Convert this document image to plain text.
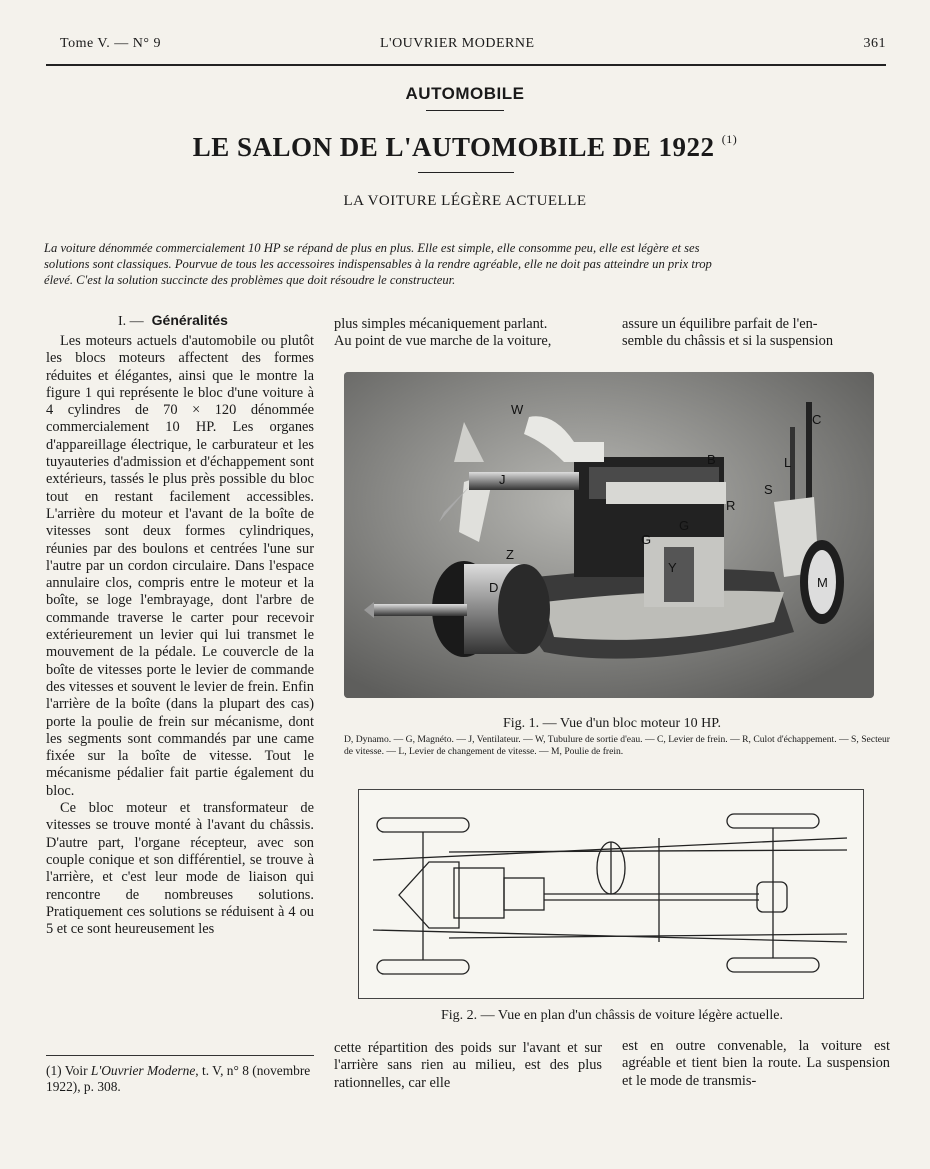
Tome V. — N° 9	L'OUVRIER MODERNE	361
AUTOMOBILE
LE SALON DE L'AUTOMOBILE DE 1922 $^{(1)}$
LA VOITURE LÉGÈRE ACTUELLE
La voiture dénommée commercialement 10 HP se répand de plus en plus. Elle est simple, elle consomme peu, elle est légère et ses
solutions sont classiques. Pourvue de tous les accessoires indispensables à la rendre agréable, elle ne doit pas atteindre un prix trop
élevé. C'est la solution succincte des problèmes que doit résoudre le constructeur.
I. — Généralités

Les moteurs actuels d'automobile ou plutôt les blocs moteurs affectent des formes réduites et élégantes, ainsi que le montre la figure 1 qui représente le bloc d'une voiture à 4 cylindres de 70 × 120 dénommée commercialement 10 HP. Les organes d'appareillage électrique, le carburateur et les tuyauteries d'admission et d'échappement sont extérieurs, tassés le plus près possible du bloc tout en restant facilement accessibles. L'arrière du moteur et l'avant de la boîte de vitesses sont deux formes cylindriques, réunies par des boulons et centrées l'une sur l'autre par un cordon circulaire. Dans l'espace annulaire clos, compris entre le moteur et la boîte, se loge l'embrayage, dont l'arbre de commande traverse le carter pour recevoir extérieurement un levier qui lui transmet le mouvement de la pédale. Le couvercle de la boîte de vitesses porte le levier de commande des vitesses et souvent le levier de frein. Enfin l'arrière de la boîte (dans la plupart des cas) porte la poulie de frein sur mécanisme, dont les segments sont commandés par une came fixée sur la boîte de vitesse. Tout le mécanisme pédalier fait partie également du bloc.

Ce bloc moteur et transformateur de vitesses se trouve monté à l'avant du châssis. D'autre part, l'organe récepteur, avec son couple conique et son différentiel, se trouve à l'arrière, et c'est leur mode de liaison qui rencontre de nombreuses solutions. Pratiquement ces solutions se réduisent à 4 ou 5 et ce sont heureusement les

(1) Voir L'Ouvrier Moderne, t. V, n° 8 (novembre 1922), p. 308.
plus simples mécaniquement parlant.
Au point de vue marche de la voiture,
assure un équilibre parfait de l'en-
semble du châssis et si la suspension
W
B
C
J
L
S
R
G
Z
G
D
Y
M
Fig. 1. — Vue d'un bloc moteur 10 HP.
D, Dynamo. — G, Magnéto. — J, Ventilateur. — W, Tubulure de sortie d'eau. — C, Levier de frein. — R, Culot d'échappement. — S, Secteur de vitesse. — L, Levier de changement de vitesse. — M, Poulie de frein.
Fig. 2. — Vue en plan d'un châssis de voiture légère actuelle.
cette répartition des poids sur l'avant et sur l'arrière sans rien au milieu, est des plus rationnelles, car elle
est en outre convenable, la voiture est agréable et tient bien la route. La suspension et le mode de transmis-
